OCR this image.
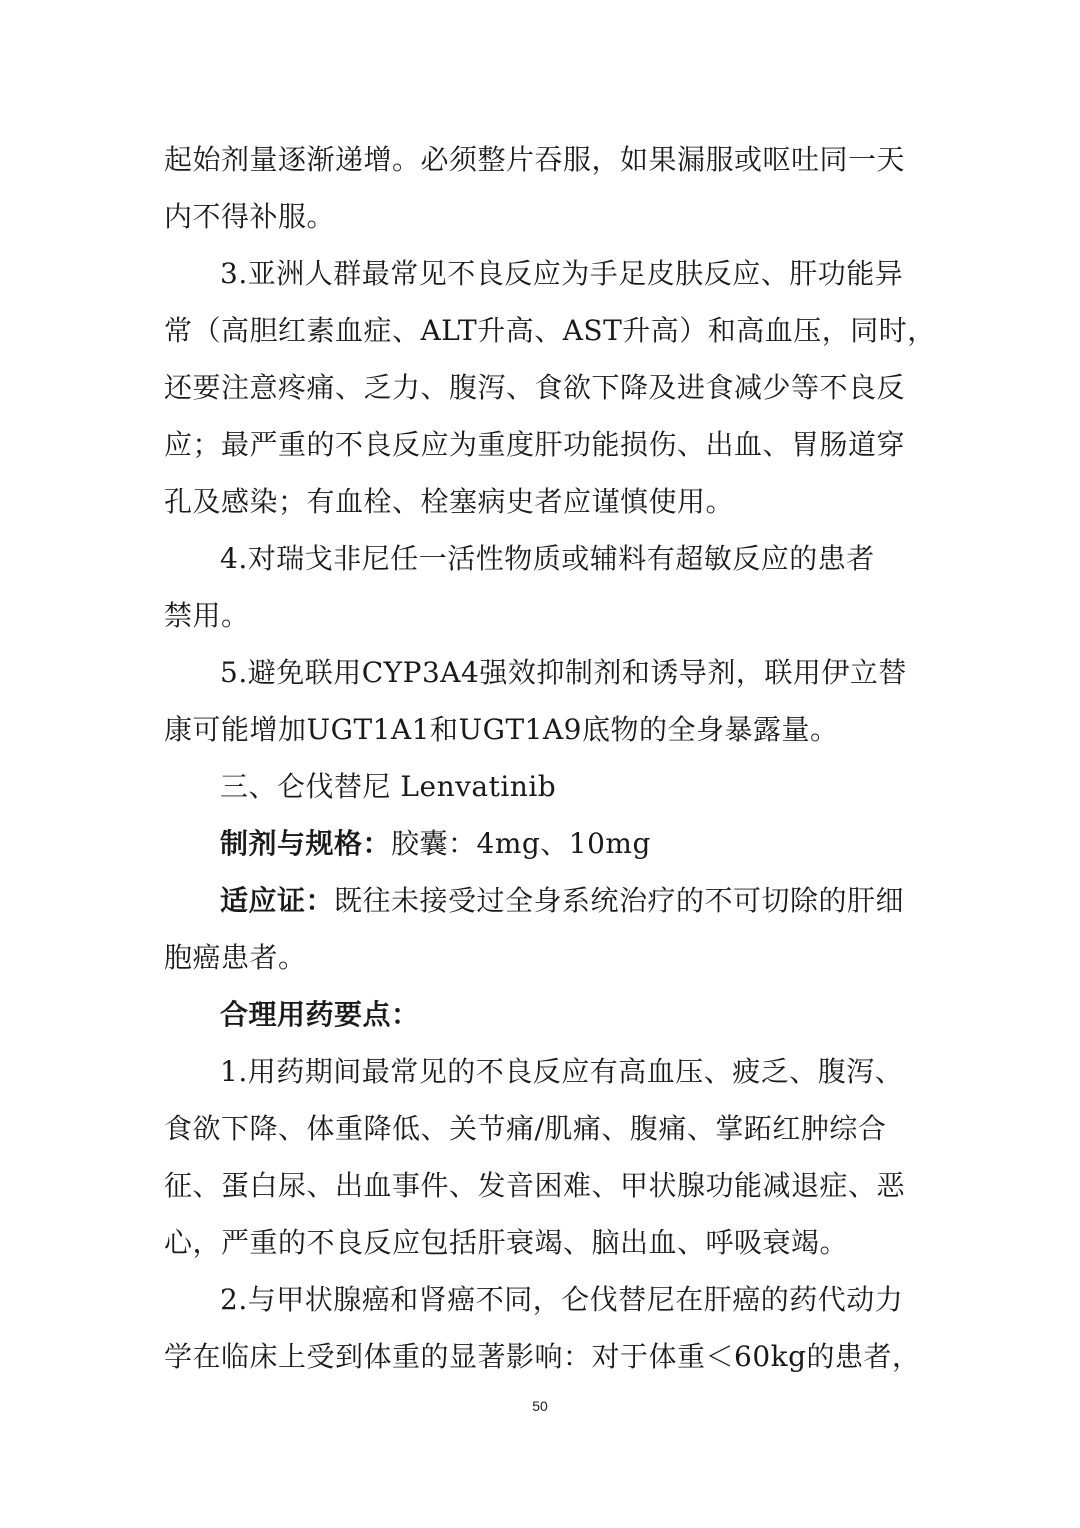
起始剂量逐渐递增。必须整片吞服，如果漏服或呕吐同一天
内不得补服。
3.亚洲人群最常见不良反应为手足皮肤反应、肝功能异
常（高胆红素血症、ALT升高、AST升高）和高血压，同时，
还要注意疼痛、乏力、腹泻、食欲下降及进食减少等不良反
应；最严重的不良反应为重度肝功能损伤、出血、胃肠道穿
孔及感染；有血栓、栓塞病史者应谨慎使用。
4.对瑞戈非尼任一活性物质或辅料有超敏反应的患者
禁用。
5.避免联用CYP3A4强效抑制剂和诱导剂，联用伊立替
康可能增加UGT1A1和UGT1A9底物的全身暴露量。
三、仑伐替尼 Lenvatinib
制剂与规格：胶囊：4mg、10mg
适应证：既往未接受过全身系统治疗的不可切除的肝细
胞癌患者。
合理用药要点：
1.用药期间最常见的不良反应有高血压、疲乏、腹泻、
食欲下降、体重降低、关节痛/肌痛、腹痛、掌跖红肿综合
征、蛋白尿、出血事件、发音困难、甲状腺功能减退症、恶
心，严重的不良反应包括肝衰竭、脑出血、呼吸衰竭。
2.与甲状腺癌和肾癌不同，仑伐替尼在肝癌的药代动力
学在临床上受到体重的显著影响：对于体重＜60kg的患者，
50
